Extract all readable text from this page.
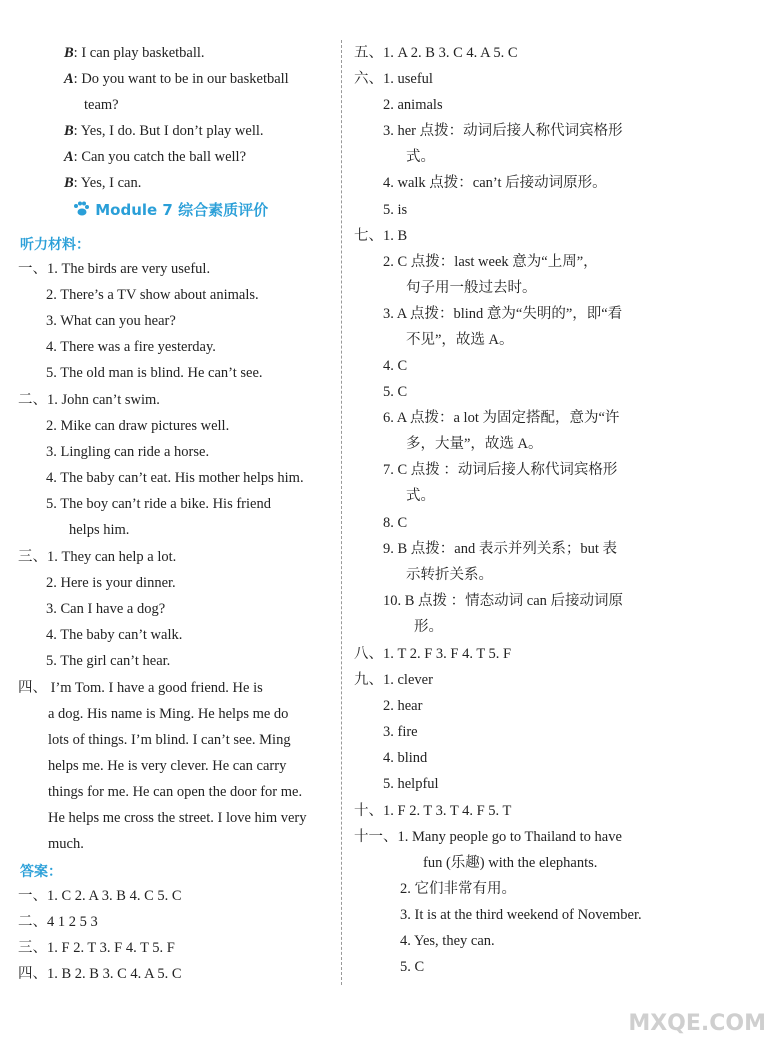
B: I can play basketball.
A: Do you want to be in our basketball
team?
B: Yes, I do. But I don’t play well.
A: Can you catch the ball well?
B: Yes, I can.
Module 7 综合素质评价
听力材料：
一、1. The birds are very useful.
2. There’s a TV show about animals.
3. What can you hear?
4. There was a fire yesterday.
5. The old man is blind. He can’t see.
二、1. John can’t swim.
2. Mike can draw pictures well.
3. Lingling can ride a horse.
4. The baby can’t eat. His mother helps him.
5. The boy can’t ride a bike. His friend
helps him.
三、1. They can help a lot.
2. Here is your dinner.
3. Can I have a dog?
4. The baby can’t walk.
5. The girl can’t hear.
四、 I’m Tom. I have a good friend. He is
a dog. His name is Ming. He helps me do
lots of things. I’m blind. I can’t see. Ming
helps me. He is very clever. He can carry
things for me. He can open the door for me.
He helps me cross the street. I love him very
much.
答案：
一、1. C 2. A 3. B 4. C 5. C
二、4 1 2 5 3
三、1. F 2. T 3. F 4. T 5. F
四、1. B 2. B 3. C 4. A 5. C
五、1. A 2. B 3. C 4. A 5. C
六、1. useful
2. animals
3. her 点拨：动词后接人称代词宾格形
式。
4. walk 点拨：can’t 后接动词原形。
5. is
七、1. B
2. C 点拨：last week 意为“上周”，
句子用一般过去时。
3. A 点拨：blind 意为“失明的”，即“看
不见”，故选 A。
4. C
5. C
6. A 点拨：a lot 为固定搭配，意为“许
多，大量”，故选 A。
7. C 点拨 ：动词后接人称代词宾格形
式。
8. C
9. B 点拨：and 表示并列关系；but 表
示转折关系。
10. B 点拨 ：情态动词 can 后接动词原
形。
八、1. T 2. F 3. F 4. T 5. F
九、1. clever
2. hear
3. fire
4. blind
5. helpful
十、1. F 2. T 3. T 4. F 5. T
十一、1. Many people go to Thailand to have
fun (乐趣) with the elephants.
2. 它们非常有用。
3. It is at the third weekend of November.
4. Yes, they can.
5. C
MXQE.COM
